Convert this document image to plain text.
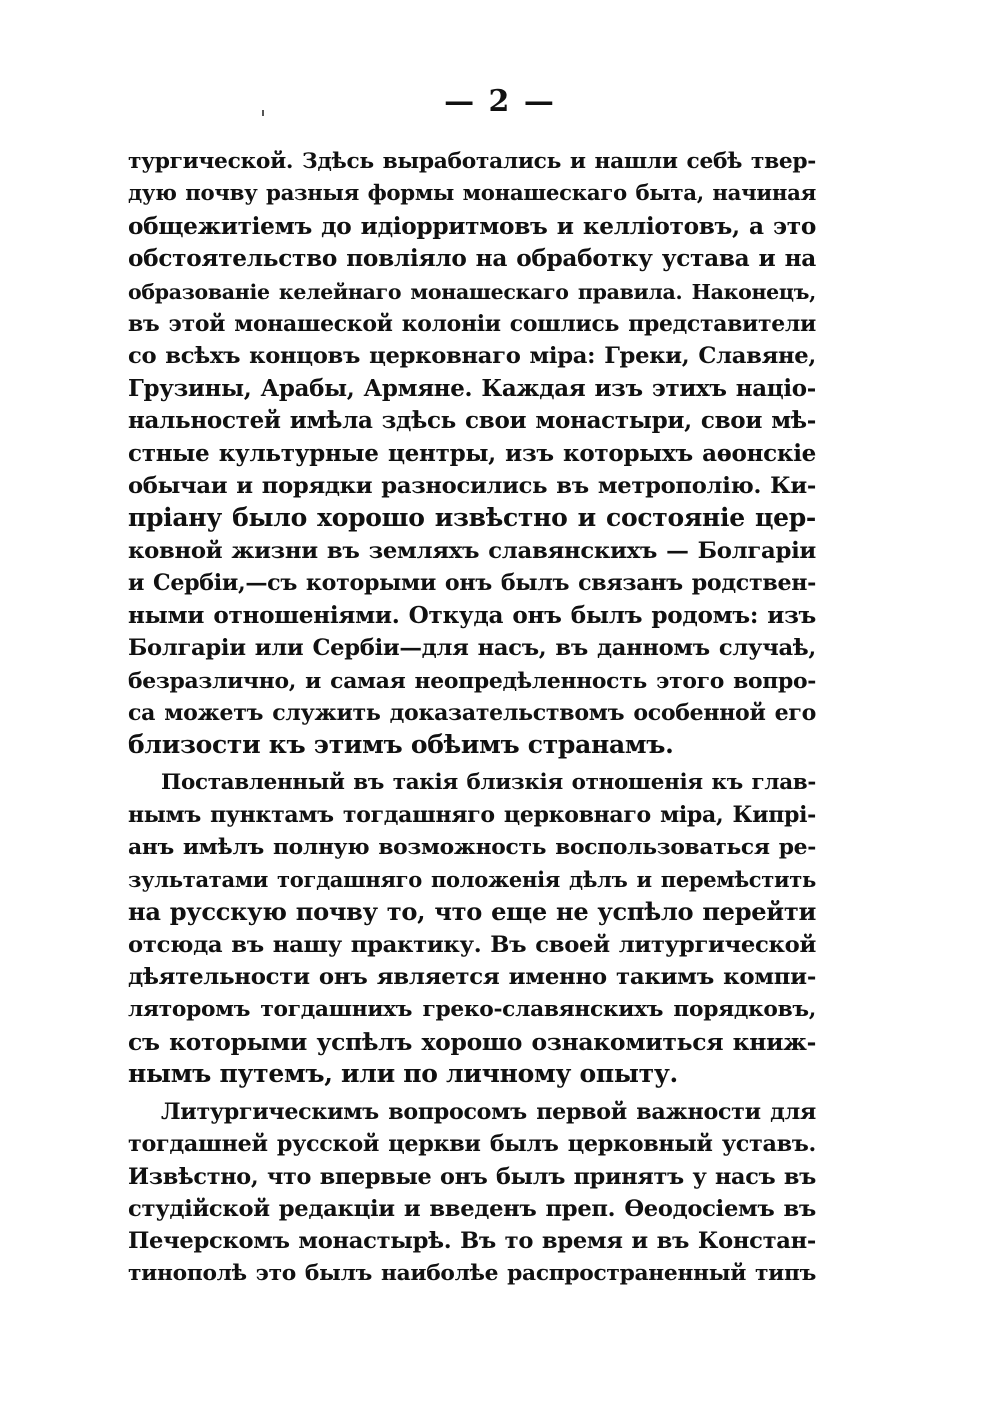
— 2 —
тургической. Здѣсь выработались и нашли себѣ твер-
дую почву разныя формы монашескаго быта, начиная
общежитіемъ до идіорритмовъ и келліотовъ, а это
обстоятельство повліяло на обработку устава и на
образованіе келейнаго монашескаго правила. Наконецъ,
въ этой монашеской колоніи сошлись представители
со всѣхъ концовъ церковнаго міра: Греки, Славяне,
Грузины, Арабы, Армяне. Каждая изъ этихъ націо-
нальностей имѣла здѣсь свои монастыри, свои мѣ-
стные культурные центры, изъ которыхъ аѳонскіе
обычаи и порядки разносились въ метрополію. Ки-
пріану было хорошо извѣстно и состояніе цер-
ковной жизни въ земляхъ славянскихъ — Болгаріи
и Сербіи,—съ которыми онъ былъ связанъ родствен-
ными отношеніями. Откуда онъ былъ родомъ: изъ
Болгаріи или Сербіи—для насъ, въ данномъ случаѣ,
безразлично, и самая неопредѣленность этого вопро-
са можетъ служить доказательствомъ особенной его
близости къ этимъ обѣимъ странамъ.
Поставленный въ такія близкія отношенія къ глав-
нымъ пунктамъ тогдашняго церковнаго міра, Кипрі-
анъ имѣлъ полную возможность воспользоваться ре-
зультатами тогдашняго положенія дѣлъ и перемѣстить
на русскую почву то, что еще не успѣло перейти
отсюда въ нашу практику. Въ своей литургической
дѣятельности онъ является именно такимъ компи-
ляторомъ тогдашнихъ греко-славянскихъ порядковъ,
съ которыми успѣлъ хорошо ознакомиться книж-
нымъ путемъ, или по личному опыту.
Литургическимъ вопросомъ первой важности для
тогдашней русской церкви былъ церковный уставъ.
Извѣстно, что впервые онъ былъ принятъ у насъ въ
студійской редакціи и введенъ преп. Ѳеодосіемъ въ
Печерскомъ монастырѣ. Въ то время и въ Констан-
тинополѣ это былъ наиболѣе распространенный типъ
